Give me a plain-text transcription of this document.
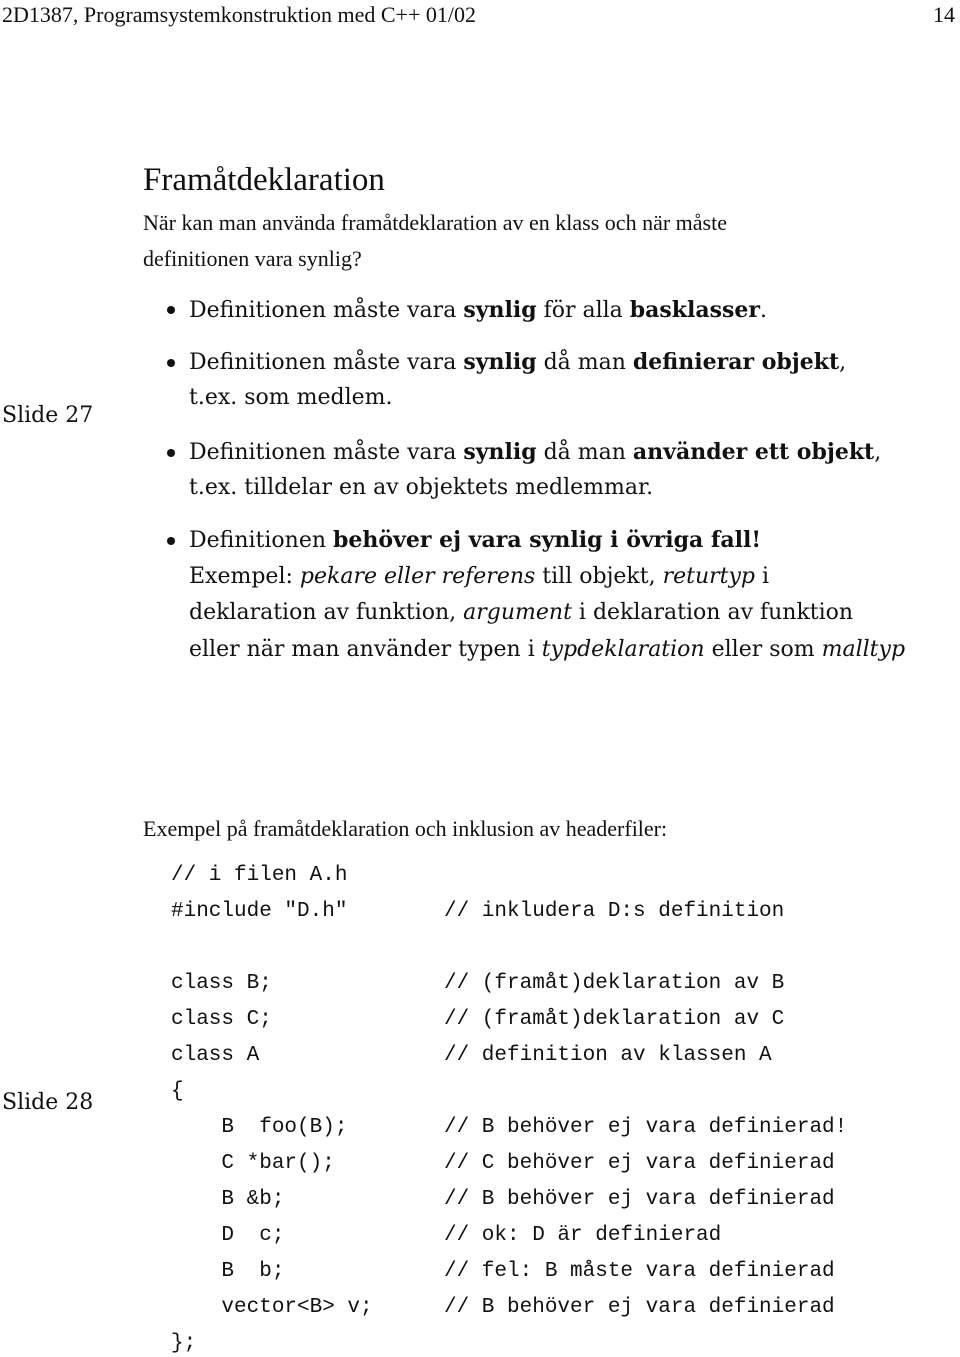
2D1387, Programsystemkonstruktion med C++ 01/02	14
Slide 27
Framåtdeklaration
När kan man använda framåtdeklaration av en klass och när måste
definitionen vara synlig?
Definitionen måste vara synlig för alla basklasser.
Definitionen måste vara synlig då man definierar objekt,
t.ex. som medlem.
Definitionen måste vara synlig då man använder ett objekt,
t.ex. tilldelar en av objektets medlemmar.
Definitionen behöver ej vara synlig i övriga fall!
Exempel: pekare eller referens till objekt, returtyp i
deklaration av funktion, argument i deklaration av funktion
eller när man använder typen i typdeklaration eller som malltyp
Slide 28
Exempel på framåtdeklaration och inklusion av headerfiler:
// i filen A.h
#include "D.h"	// inkludera D:s definition
class B;	// (framåt)deklaration av B
class C;	// (framåt)deklaration av C
class A	// definition av klassen A
{
B  foo(B);	// B behöver ej vara definierad!
C *bar();	// C behöver ej vara definierad
B &b;	// B behöver ej vara definierad
D  c;	// ok: D är definierad
B  b;	// fel: B måste vara definierad
vector<B> v;	// B behöver ej vara definierad
};
